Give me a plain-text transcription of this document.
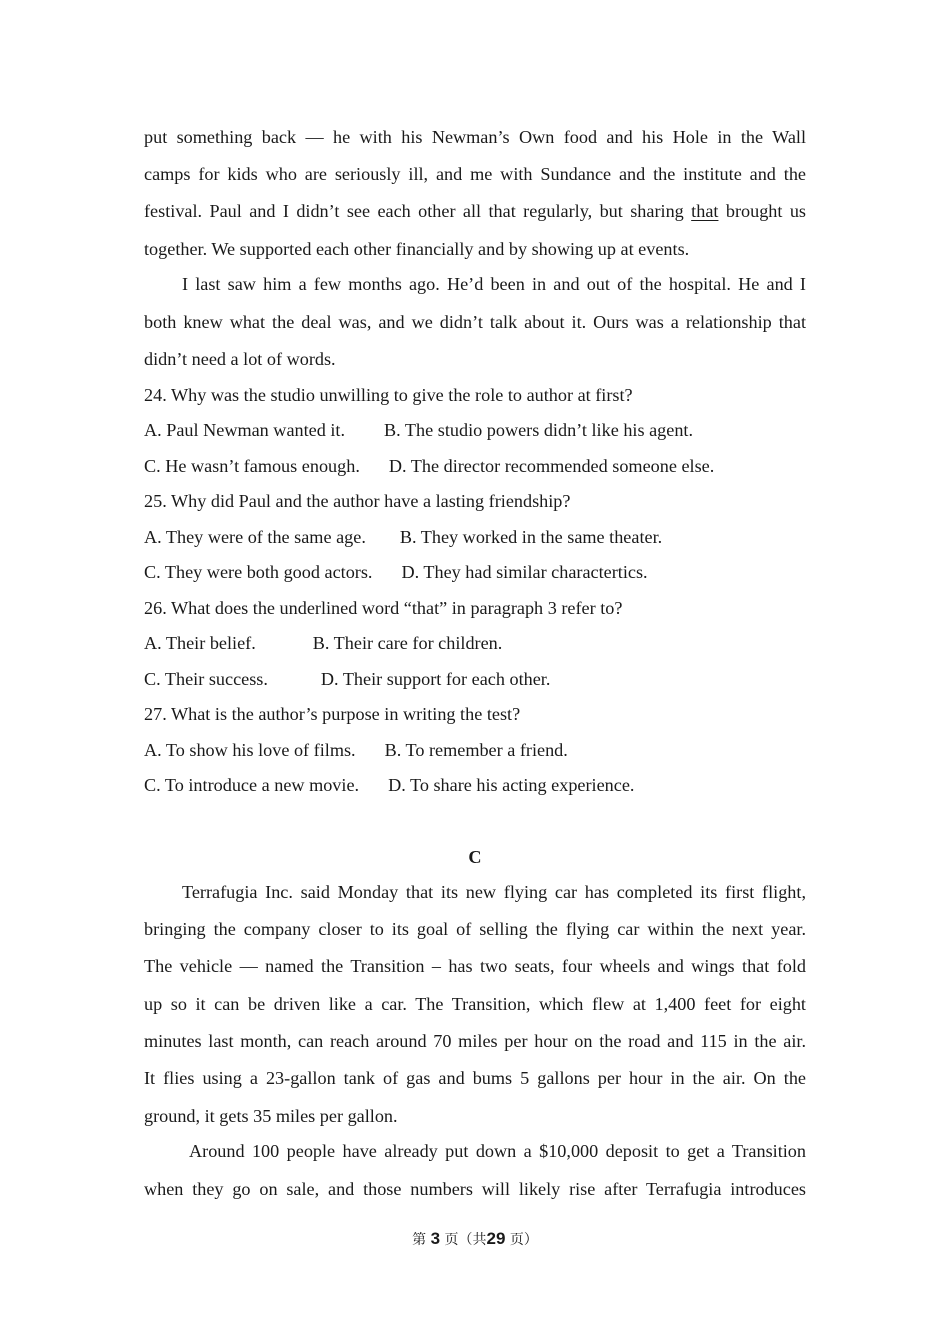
put something back — he with his Newman’s Own food and his Hole in the Wall
camps for kids who are seriously ill, and me with Sundance and the institute and the
festival. Paul and I didn’t see each other all that regularly, but sharing that brought us
together. We supported each other financially and by showing up at events.
I last saw him a few months ago. He’d been in and out of the hospital. He and I
both knew what the deal was, and we didn’t talk about it. Ours was a relationship that
didn’t need a lot of words.
24. Why was the studio unwilling to give the role to author at first?
A. Paul Newman wanted it. B. The studio powers didn’t like his agent.
C. He wasn’t famous enough. D. The director recommended someone else.
25. Why did Paul and the author have a lasting friendship?
A. They were of the same age. B. They worked in the same theater.
C. They were both good actors. D. They had similar charactertics.
26. What does the underlined word “that” in paragraph 3 refer to?
A. Their belief.	B. Their care for children.
C. Their success.	D. Their support for each other.
27. What is the author’s purpose in writing the test?
A. To show his love of films. B. To remember a friend.
C. To introduce a new movie. D. To share his acting experience.
C
Terrafugia Inc. said Monday that its new flying car has completed its first flight,
bringing the company closer to its goal of selling the flying car within the next year.
The vehicle — named the Transition – has two seats, four wheels and wings that fold
up so it can be driven like a car. The Transition, which flew at 1,400 feet for eight
minutes last month, can reach around 70 miles per hour on the road and 115 in the air.
It flies using a 23-gallon tank of gas and bums 5 gallons per hour in the air. On the
ground, it gets 35 miles per gallon.
Around 100 people have already put down a $10,000 deposit to get a Transition
when they go on sale, and those numbers will likely rise after Terrafugia introduces
第 3 页（共29 页）
